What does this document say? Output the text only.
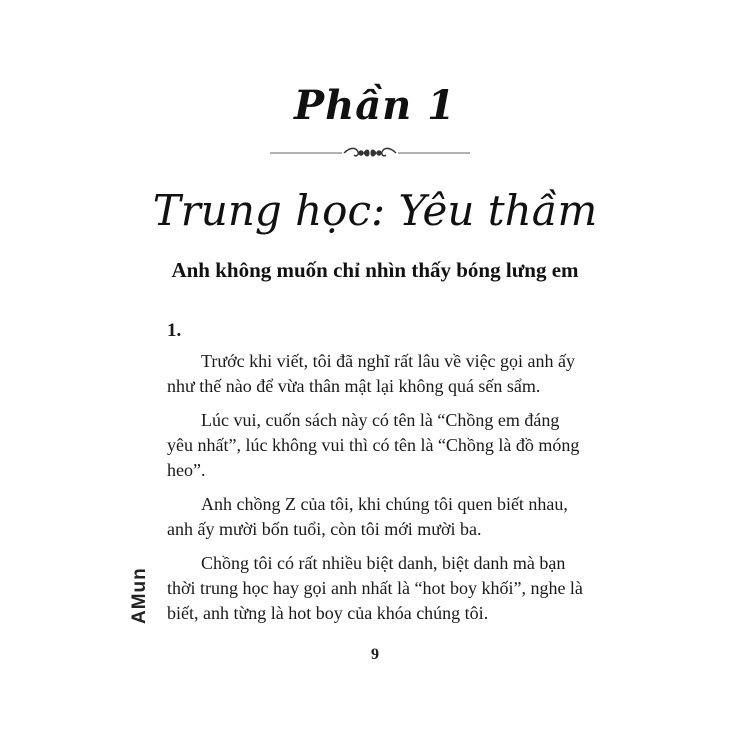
Phần 1
Trung học: Yêu thầm
Anh không muốn chỉ nhìn thấy bóng lưng em
1.

Trước khi viết, tôi đã nghĩ rất lâu về việc gọi anh ấy như thế nào để vừa thân mật lại không quá sến sẩm.

Lúc vui, cuốn sách này có tên là “Chồng em đáng yêu nhất”, lúc không vui thì có tên là “Chồng là đồ móng heo”.

Anh chồng Z của tôi, khi chúng tôi quen biết nhau, anh ấy mười bốn tuổi, còn tôi mới mười ba.

Chồng tôi có rất nhiều biệt danh, biệt danh mà bạn thời trung học hay gọi anh nhất là “hot boy khối”, nghe là biết, anh từng là hot boy của khóa chúng tôi.

AMun
9
